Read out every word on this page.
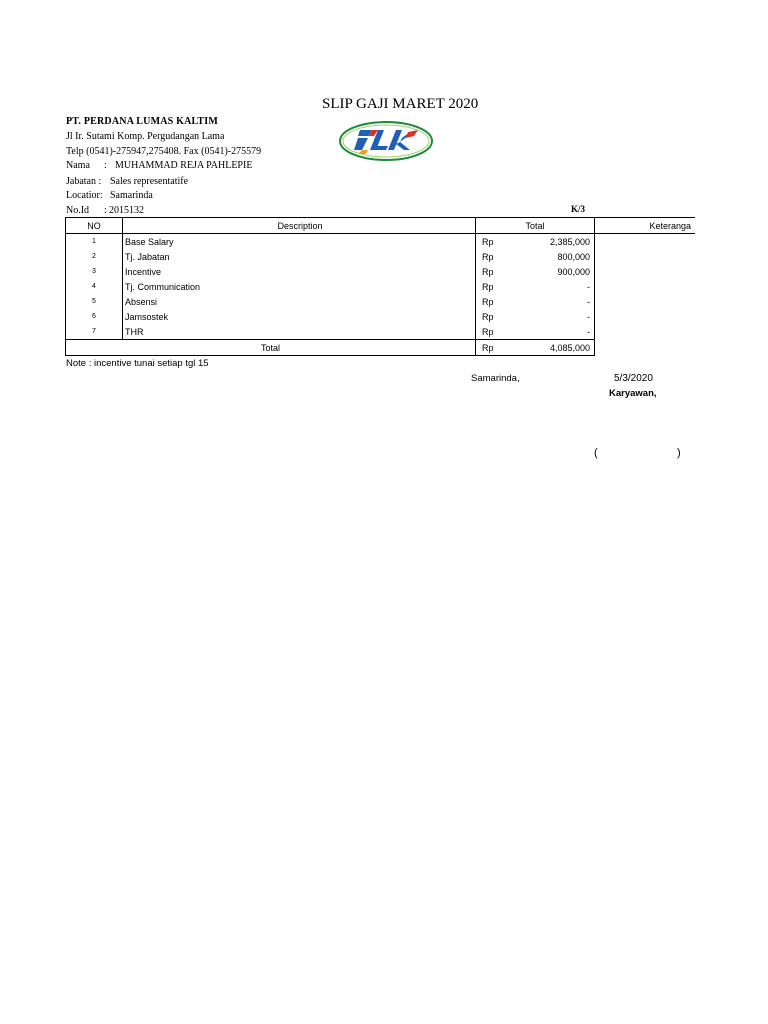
SLIP GAJI MARET 2020
PT. PERDANA LUMAS KALTIM
Jl Ir. Sutami Komp. Pergudangan Lama
Telp (0541)-275947,275408. Fax (0541)-275579
Nama : MUHAMMAD REJA PAHLEPIE
Jabatan : Sales representatife
Locatior: Samarinda
No.Id : 2015132	K/3
NO	Description	Total		Keteranga
1	Base Salary	Rp	2,385,000	
2	Tj. Jabatan	Rp	800,000	
3	Incentive	Rp	900,000	
4	Tj. Communication	Rp	-	
5	Absensi	Rp	-	
6	Jamsostek	Rp	-	
7	THR	Rp	-	
Total		Rp	4,085,000	
Note : incentive tunai setiap tgl 15
Samarinda,	5/3/2020
Karyawan,
(	)
